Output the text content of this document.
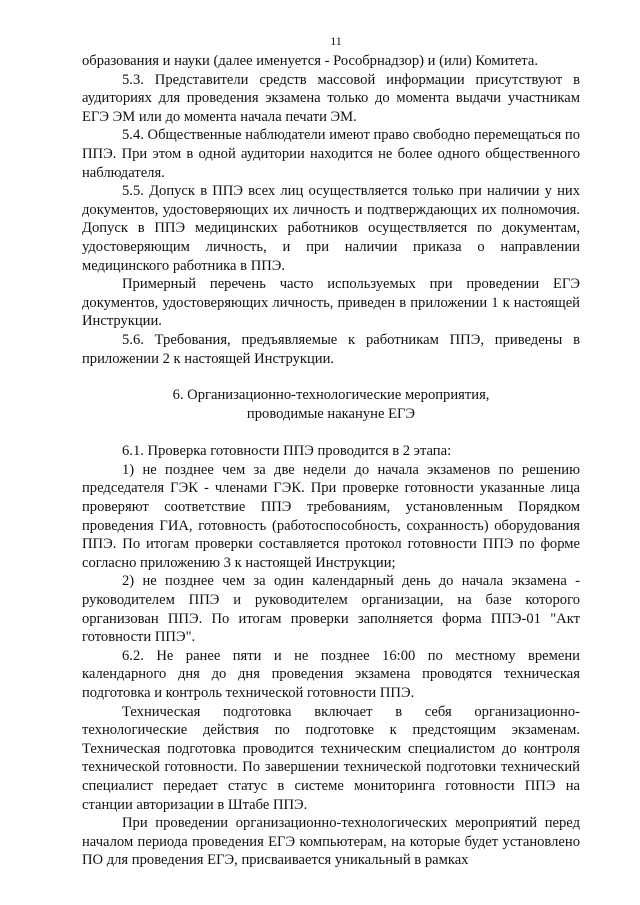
11

образования и науки (далее именуется - Рособрнадзор) и (или) Комитета.

5.3. Представители средств массовой информации присутствуют в аудиториях для проведения экзамена только до момента выдачи участникам ЕГЭ ЭМ или до момента начала печати ЭМ.

5.4. Общественные наблюдатели имеют право свободно перемещаться по ППЭ. При этом в одной аудитории находится не более одного общественного наблюдателя.

5.5. Допуск в ППЭ всех лиц осуществляется только при наличии у них документов, удостоверяющих их личность и подтверждающих их полномочия. Допуск в ППЭ медицинских работников осуществляется по документам, удостоверяющим личность, и при наличии приказа о направлении медицинского работника в ППЭ.

Примерный перечень часто используемых при проведении ЕГЭ документов, удостоверяющих личность, приведен в приложении 1 к настоящей Инструкции.

5.6. Требования, предъявляемые к работникам ППЭ, приведены в приложении 2 к настоящей Инструкции.

6. Организационно-технологические мероприятия,
проводимые накануне ЕГЭ

6.1. Проверка готовности ППЭ проводится в 2 этапа:

1) не позднее чем за две недели до начала экзаменов по решению председателя ГЭК - членами ГЭК. При проверке готовности указанные лица проверяют соответствие ППЭ требованиям, установленным Порядком проведения ГИА, готовность (работоспособность, сохранность) оборудования ППЭ. По итогам проверки составляется протокол готовности ППЭ по форме согласно приложению 3 к настоящей Инструкции;

2) не позднее чем за один календарный день до начала экзамена - руководителем ППЭ и руководителем организации, на базе которого организован ППЭ. По итогам проверки заполняется форма ППЭ-01 "Акт готовности ППЭ".

6.2. Не ранее пяти и не позднее 16:00 по местному времени календарного дня до дня проведения экзамена проводятся техническая подготовка и контроль технической готовности ППЭ.

Техническая подготовка включает в себя организационно-технологические действия по подготовке к предстоящим экзаменам. Техническая подготовка проводится техническим специалистом до контроля технической готовности. По завершении технической подготовки технический специалист передает статус в системе мониторинга готовности ППЭ на станции авторизации в Штабе ППЭ.

При проведении организационно-технологических мероприятий перед началом периода проведения ЕГЭ компьютерам, на которые будет установлено ПО для проведения ЕГЭ, присваивается уникальный в рамках
